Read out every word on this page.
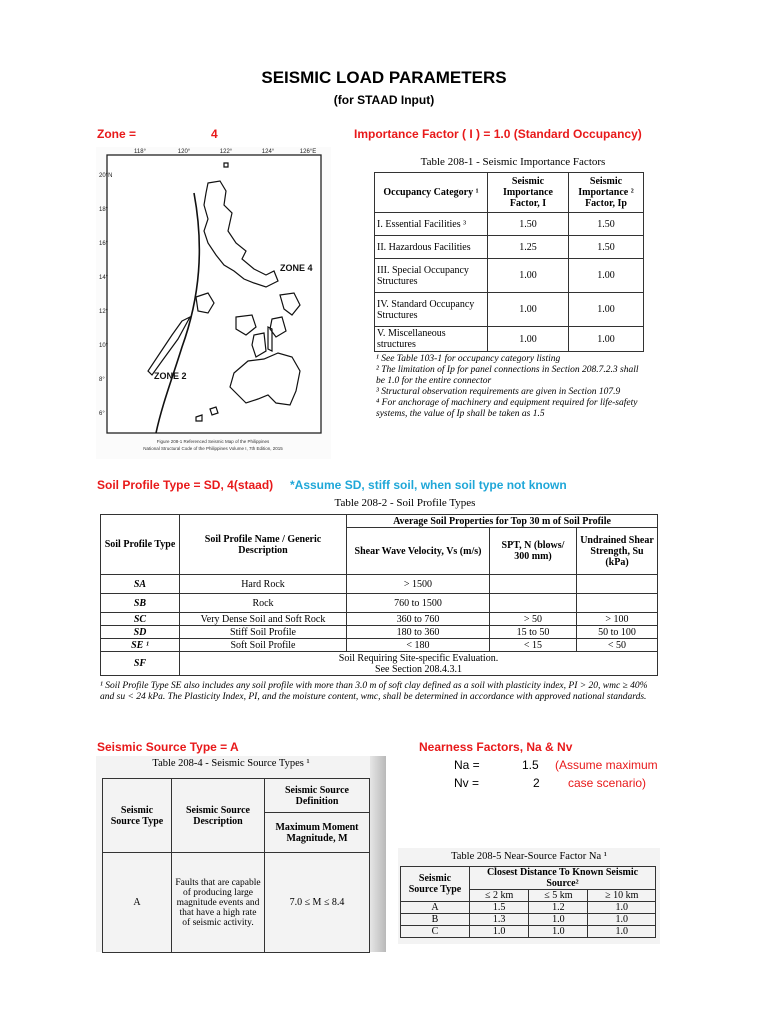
SEISMIC LOAD PARAMETERS
(for STAAD Input)
Zone =	4	Importance Factor ( I ) = 1.0 (Standard Occupancy)
118°	120°	122°	124°	126°E
20°N
18°
16°
14°
12°
10°
8°
6°
ZONE 4
ZONE 2
Figure 208-1 Referenced Seismic Map of the Philippines
National Structural Code of the Philippines Volume I, 7th Edition, 2015
Table 208-1 - Seismic Importance Factors
Occupancy Category ¹	Seismic Importance Factor, I	Seismic Importance ² Factor, Ip
I. Essential Facilities ³	1.50	1.50
II. Hazardous Facilities	1.25	1.50
III. Special Occupancy Structures	1.00	1.00
IV. Standard Occupancy Structures	1.00	1.00
V. Miscellaneous structures	1.00	1.00
¹ See Table 103-1 for occupancy category listing
² The limitation of Ip for panel connections in Section 208.7.2.3 shall be 1.0 for the entire connector
³ Structural observation requirements are given in Section 107.9
⁴ For anchorage of machinery and equipment required for life-safety systems, the value of Ip shall be taken as 1.5
Soil Profile Type = SD, 4(staad) *Assume SD, stiff soil, when soil type not known
Table 208-2 - Soil Profile Types
Soil Profile Type	Soil Profile Name / Generic Description	Average Soil Properties for Top 30 m of Soil Profile		
		Shear Wave Velocity, Vs (m/s)	SPT, N (blows/ 300 mm)	Undrained Shear Strength, Su (kPa)
SA	Hard Rock	> 1500		
SB	Rock	760 to 1500		
SC	Very Dense Soil and Soft Rock	360 to 760	> 50	> 100
SD	Stiff Soil Profile	180 to 360	15 to 50	50 to 100
SE ¹	Soft Soil Profile	< 180	< 15	< 50
SF	Soil Requiring Site-specific Evaluation.
See Section 208.4.3.1			
¹ Soil Profile Type SE also includes any soil profile with more than 3.0 m of soft clay defined as a soil with plasticity index, PI > 20, wmc ≥ 40% and su < 24 kPa. The Plasticity Index, PI, and the moisture content, wmc, shall be determined in accordance with approved national standards.
Seismic Source Type = A	Nearness Factors, Na & Nv
Na =	1.5
Nv =	2
(Assume maximum
case scenario)
Table 208-4 - Seismic Source Types ¹
Seismic Source Type	Seismic Source Description	Seismic Source Definition
		Maximum Moment Magnitude, M
A	Faults that are capable of producing large magnitude events and that have a high rate of seismic activity.	7.0 ≤ M ≤ 8.4
Table 208-5 Near-Source Factor Na ¹
Seismic Source Type	Closest Distance To Known Seismic Source²		
	≤ 2 km	≤ 5 km	≥ 10 km
A	1.5	1.2	1.0
B	1.3	1.0	1.0
C	1.0	1.0	1.0
